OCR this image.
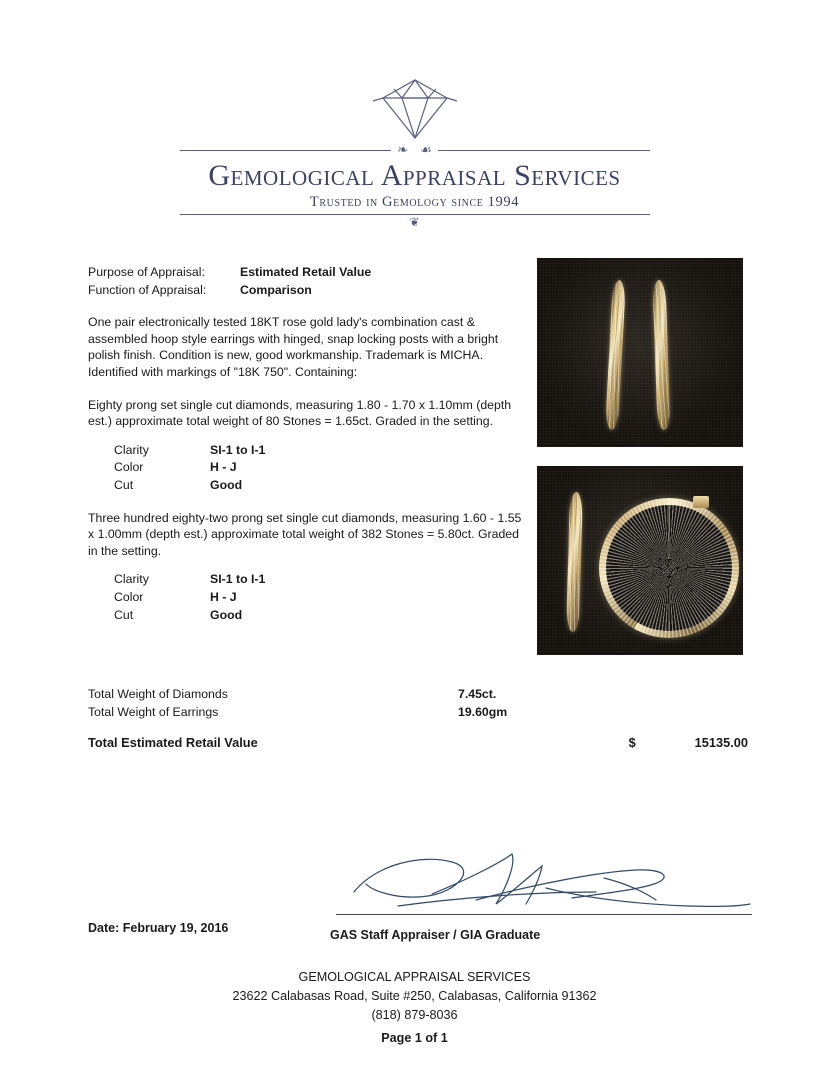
❧ ☙
Gemological Appraisal Services
Trusted in Gemology since 1994
❦
Purpose of Appraisal:	Estimated Retail Value
Function of Appraisal:	Comparison
One pair electronically tested 18KT rose gold lady's combination cast & assembled hoop style earrings with hinged, snap locking posts with a bright polish finish. Condition is new, good workmanship. Trademark is MICHA. Identified with markings of "18K 750". Containing:
Eighty prong set single cut diamonds, measuring 1.80 - 1.70 x 1.10mm (depth est.) approximate total weight of 80 Stones = 1.65ct. Graded in the setting.
Clarity	SI-1 to I-1
Color	H - J
Cut	Good
Three hundred eighty-two prong set single cut diamonds, measuring 1.60 - 1.55 x 1.00mm (depth est.) approximate total weight of 382 Stones = 5.80ct. Graded in the setting.
Clarity	SI-1 to I-1
Color	H - J
Cut	Good
Total Weight of Diamonds	7.45ct.
Total Weight of Earrings	19.60gm
Total Estimated Retail Value	$	15135.00
Date: February 19, 2016	GAS Staff Appraiser / GIA Graduate
GEMOLOGICAL APPRAISAL SERVICES
23622 Calabasas Road, Suite #250, Calabasas, California 91362
(818) 879-8036
Page 1 of 1
